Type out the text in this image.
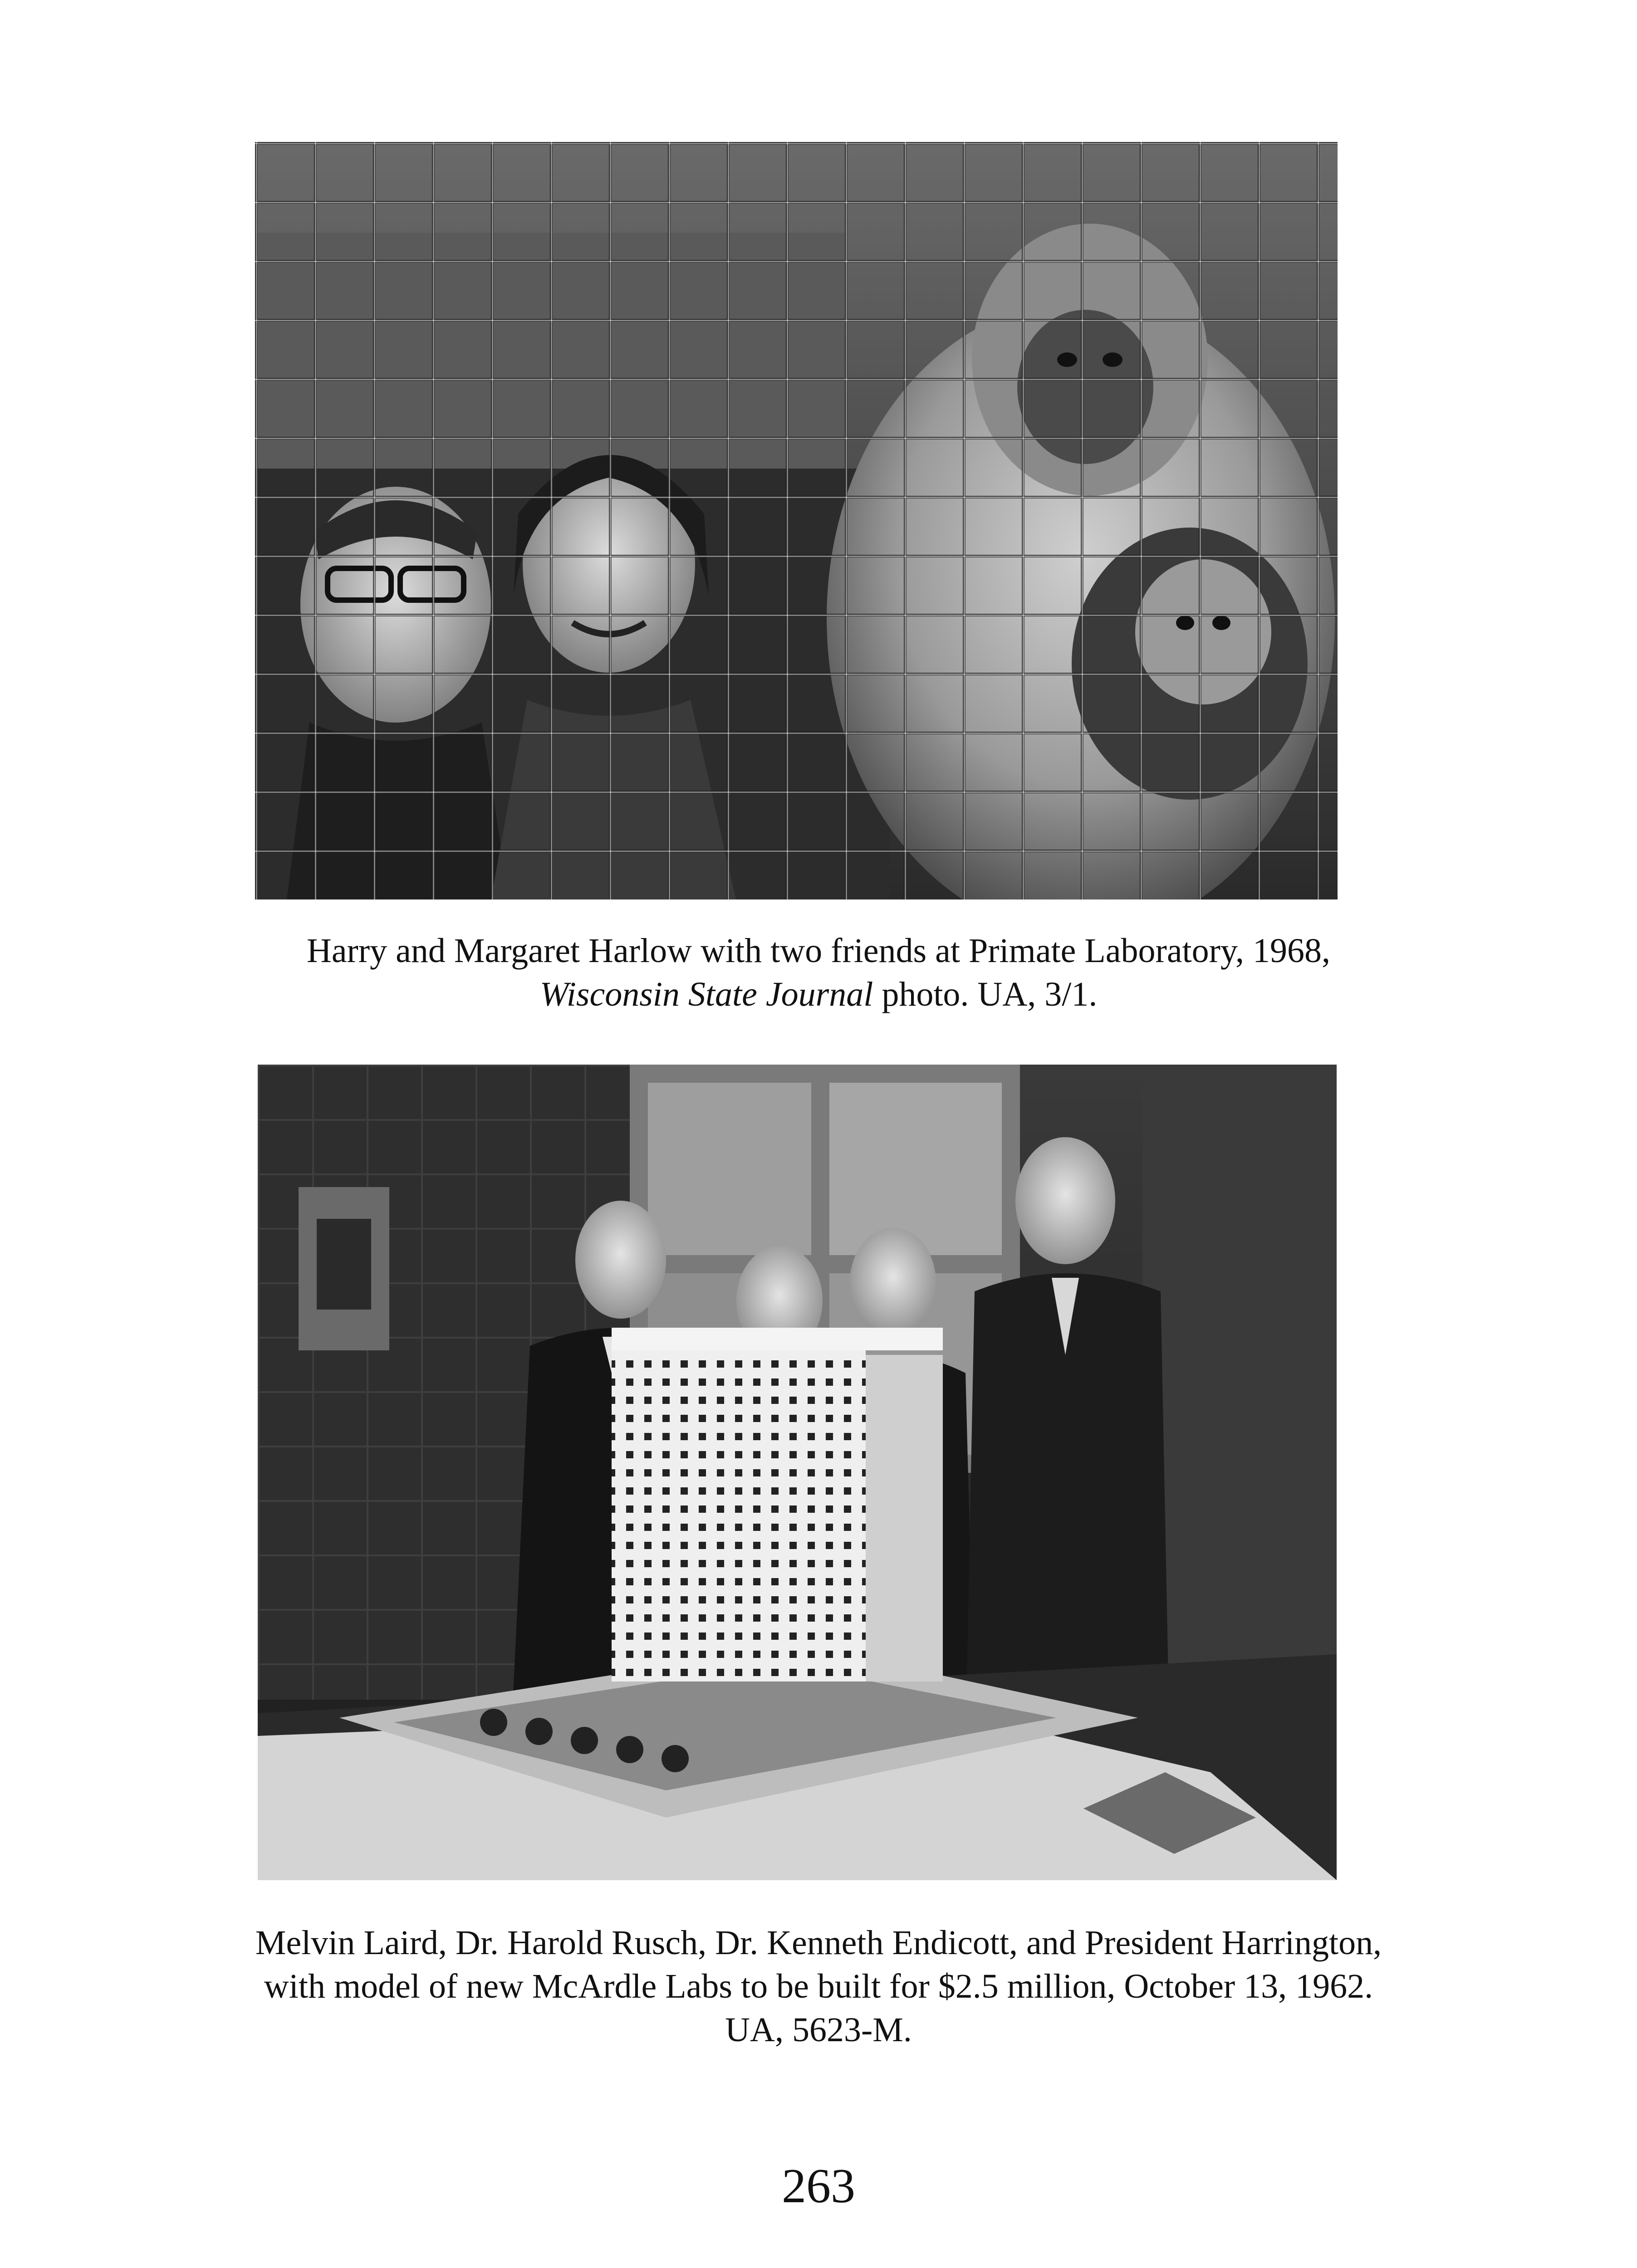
Harry and Margaret Harlow with two friends at Primate Laboratory, 1968,
Wisconsin State Journal photo. UA, 3/1.
Melvin Laird, Dr. Harold Rusch, Dr. Kenneth Endicott, and President Harrington,
with model of new McArdle Labs to be built for $2.5 million, October 13, 1962.
UA, 5623-M.
263
